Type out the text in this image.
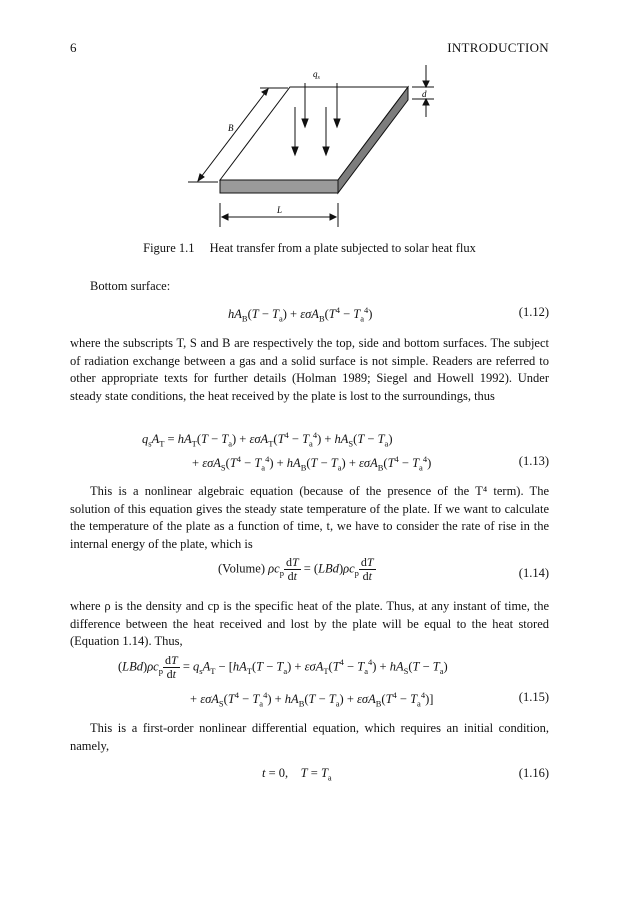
6	INTRODUCTION
$q_s$
B
d
L
Figure 1.1 Heat transfer from a plate subjected to solar heat flux
Bottom surface:
$hA_B(T - T_a) + \varepsilon\sigma A_B(T^4 - T_a^4)$	(1.12)
where the subscripts T, S and B are respectively the top, side and bottom surfaces. The subject of radiation exchange between a gas and a solid surface is not simple. Readers are referred to other appropriate texts for further details (Holman 1989; Siegel and Howell 1992). Under steady state conditions, the heat received by the plate is lost to the surroundings, thus
$q_sA_T = hA_T(T - T_a) + \varepsilon\sigma A_T(T^4 - T_a^4) + hA_S(T - T_a)$
+ $\varepsilon\sigma A_S(T^4 - T_a^4) + hA_B(T - T_a) + \varepsilon\sigma A_B(T^4 - T_a^4)$	(1.13)
This is a nonlinear algebraic equation (because of the presence of the T⁴ term). The solution of this equation gives the steady state temperature of the plate. If we want to calculate the temperature of the plate as a function of time, t, we have to consider the rate of rise in the internal energy of the plate, which is
(Volume) $\rho c_p \frac{dT}{dt} = (LBd)\rho c_p \frac{dT}{dt}$	(1.14)
where ρ is the density and cp is the specific heat of the plate. Thus, at any instant of time, the difference between the heat received and lost by the plate will be equal to the heat stored (Equation 1.14). Thus,
$(LBd)\rho c_p \frac{dT}{dt} = q_sA_T - [hA_T(T - T_a) + \varepsilon\sigma A_T(T^4 - T_a^4) + hA_S(T - T_a)$
+ $\varepsilon\sigma A_S(T^4 - T_a^4) + hA_B(T - T_a) + \varepsilon\sigma A_B(T^4 - T_a^4)$]	(1.15)
This is a first-order nonlinear differential equation, which requires an initial condition, namely,
t = 0,    $T = T_a$	(1.16)
